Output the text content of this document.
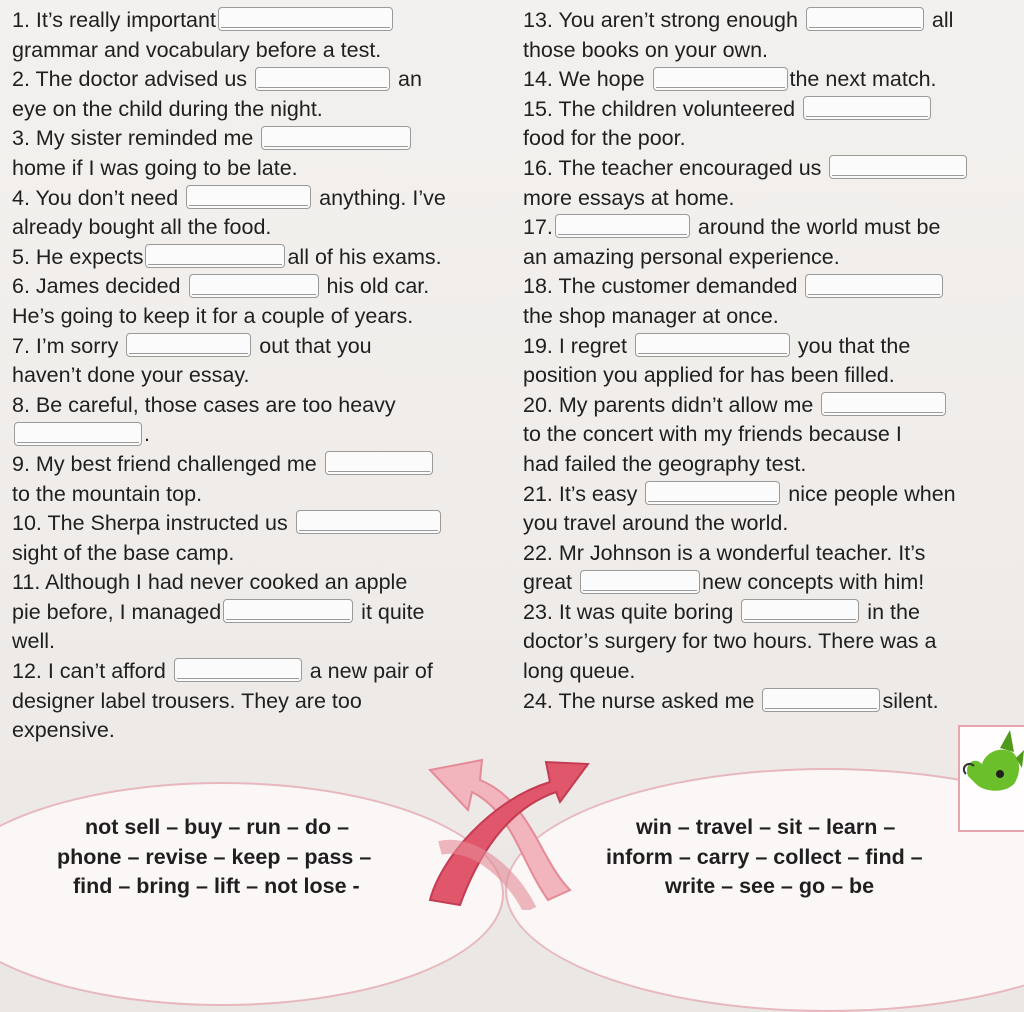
1. It’s really important
grammar and vocabulary before a test.
2. The doctor advised us	an
eye on the child during the night.
3. My sister reminded me
home if I was going to be late.
4. You don’t need	anything. I’ve
already bought all the food.
5. He expects	all of his exams.
6. James decided	his old car.
He’s going to keep it for a couple of years.
7. I’m sorry	out that you
haven’t done your essay.
8. Be careful, those cases are too heavy
.
9. My best friend challenged me
to the mountain top.
10. The Sherpa instructed us
sight of the base camp.
11. Although I had never cooked an apple
pie before, I managed	it quite
well.
12. I can’t afford	a new pair of
designer label trousers. They are too
expensive.
13. You aren’t strong enough	all
those books on your own.
14. We hope	the next match.
15. The children volunteered
food for the poor.
16. The teacher encouraged us
more essays at home.
17.	around the world must be
an amazing personal experience.
18. The customer demanded
the shop manager at once.
19. I regret	you that the
position you applied for has been filled.
20. My parents didn’t allow me
to the concert with my friends because I
had failed the geography test.
21. It’s easy	nice people when
you travel around the world.
22. Mr Johnson is a wonderful teacher. It’s
great	new concepts with him!
23. It was quite boring	in the
doctor’s surgery for two hours. There was a
long queue.
24. The nurse asked me	silent.
not sell – buy – run – do –
phone – revise – keep – pass –
find – bring – lift – not lose -
win – travel – sit – learn –
inform – carry – collect – find –
write – see – go – be
